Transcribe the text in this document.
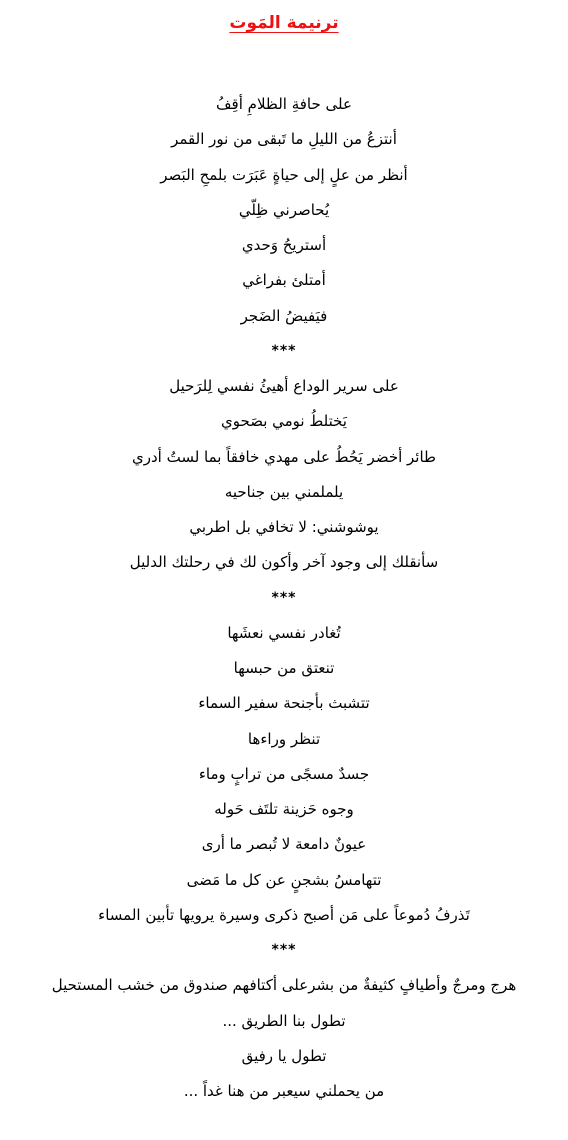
ترنيمة المَوت

على حافةِ الظلامِ أقِفُ

أنتزعُ من الليلِ ما تَبقى من نور القمر

أنظر من علٍ إلى حياةٍ عَبَرَت بلمحِ البَصر

يُحاصرني ظِلّي

أستريحُ وَحدي

أمتلئ بفراغي

فيَفيضُ الضَجر

***

على سرير الوداع أهيئُ نفسي لِلرَحيل

يَختلطُ نومي بصَحوي

طائر أخضر يَحُطُ على مهدي خافقاً بما لستُ أدري

يلملمني بين جناحيه

يوشوشني: لا تخافي بل اطربي

سأنقلك إلى وجود آخر وأكون لك في رحلتك الدليل

***

تُغادر نفسي نعشَها

تنعتق من حبسها

تتشبث بأجنحة سفير السماء

تنظر وراءها

جسدٌ مسجًى من ترابٍ وماء

وجوه حَزينة تلتَف حَوله

عيونٌ دامعة لا تُبصر ما أرى

تتهامسُ بشجنٍ عن كل ما مَضى

تَذرفُ دُموعاً على مَن أصبح ذكرى وسيرة يرويها تأبين المساء

***

هرج ومرجٌ وأطيافٍ كثيفةٌ من بشرعلى أكتافهم صندوق من خشب المستحيل

تطول بنا الطريق ...

تطول يا رفيق

من يحملني سيعبر من هنا غداً ...
